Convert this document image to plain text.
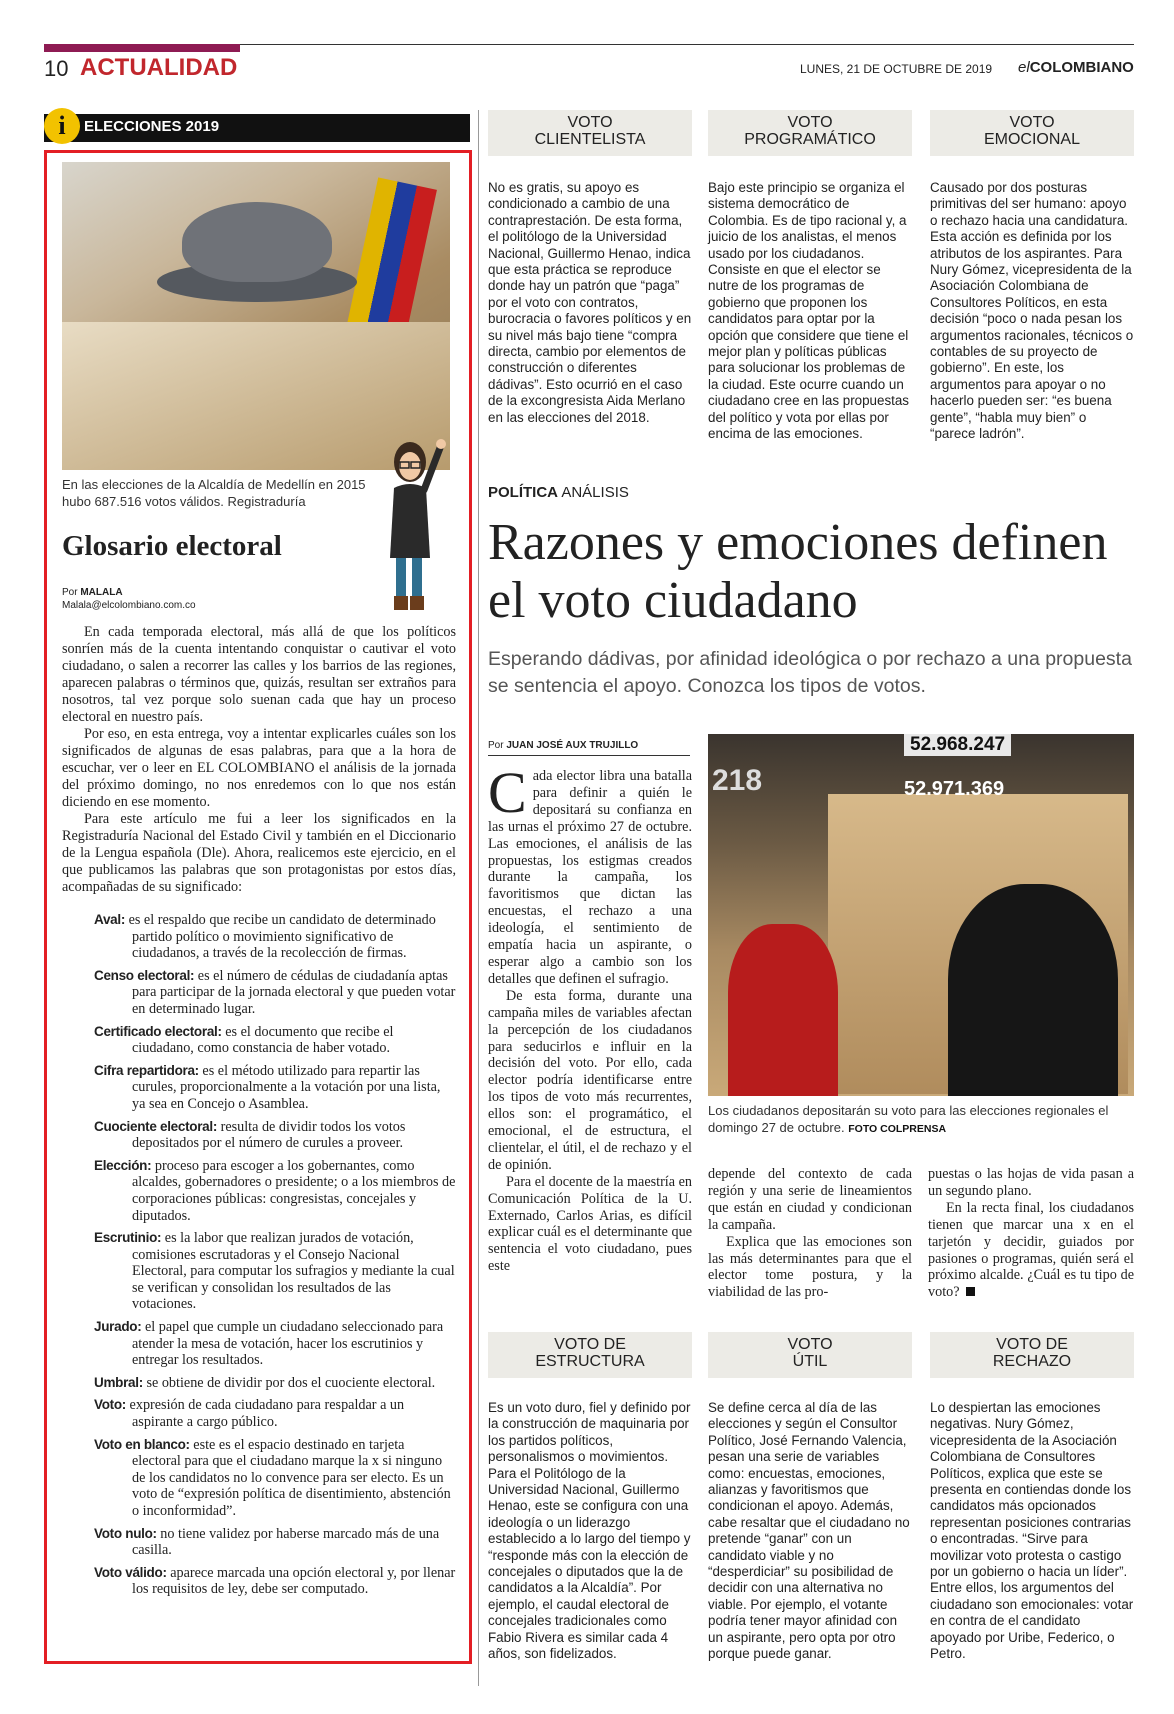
10 ACTUALIDAD	LUNES, 21 DE OCTUBRE DE 2019 elCOLOMBIANO
i	ELECCIONES 2019
En las elecciones de la Alcaldía de Medellín en 2015 hubo 687.516 votos válidos. Registraduría
Glosario electoral
Por MALALA
Malala@elcolombiano.com.co

En cada temporada electoral, más allá de que los políticos sonríen más de la cuenta intentando conquistar o cautivar el voto ciudadano, o salen a recorrer las calles y los barrios de las regiones, aparecen palabras o términos que, quizás, resultan ser extraños para nosotros, tal vez porque solo suenan cada que hay un proceso electoral en nuestro país.

Por eso, en esta entrega, voy a intentar explicarles cuáles son los significados de algunas de esas palabras, para que a la hora de escuchar, ver o leer en EL COLOMBIANO el análisis de la jornada del próximo domingo, no nos enredemos con lo que nos están diciendo en ese momento.

Para este artículo me fui a leer los significados en la Registraduría Nacional del Estado Civil y también en el Diccionario de la Lengua española (Dle). Ahora, realicemos este ejercicio, en el que publicamos las palabras que son protagonistas por estos días, acompañadas de su significado:

Aval: es el respaldo que recibe un candidato de determinado partido político o movimiento significativo de ciudadanos, a través de la recolección de firmas.

Censo electoral: es el número de cédulas de ciudadanía aptas para participar de la jornada electoral y que pueden votar en determinado lugar.

Certificado electoral: es el documento que recibe el ciudadano, como constancia de haber votado.

Cifra repartidora: es el método utilizado para repartir las curules, proporcionalmente a la votación por una lista, ya sea en Concejo o Asamblea.

Cuociente electoral: resulta de dividir todos los votos depositados por el número de curules a proveer.

Elección: proceso para escoger a los gobernantes, como alcaldes, gobernadores o presidente; o a los miembros de corporaciones públicas: congresistas, concejales y diputados.

Escrutinio: es la labor que realizan jurados de votación, comisiones escrutadoras y el Consejo Nacional Electoral, para computar los sufragios y mediante la cual se verifican y consolidan los resultados de las votaciones.

Jurado: el papel que cumple un ciudadano seleccionado para atender la mesa de votación, hacer los escrutinios y entregar los resultados.

Umbral: se obtiene de dividir por dos el cuociente electoral.

Voto: expresión de cada ciudadano para respaldar a un aspirante a cargo público.

Voto en blanco: este es el espacio destinado en tarjeta electoral para que el ciudadano marque la x si ninguno de los candidatos no lo convence para ser electo. Es un voto de “expresión política de disentimiento, abstención o inconformidad”.

Voto nulo: no tiene validez por haberse marcado más de una casilla.

Voto válido: aparece marcada una opción electoral y, por llenar los requisitos de ley, debe ser computado.

VOTO
CLIENTELISTA
VOTO
PROGRAMÁTICO
VOTO
EMOCIONAL
No es gratis, su apoyo es condicionado a cambio de una contraprestación. De esta forma, el politólogo de la Universidad Nacional, Guillermo Henao, indica que esta práctica se reproduce donde hay un patrón que “paga” por el voto con contratos, burocracia o favores políticos y en su nivel más bajo tiene “compra directa, cambio por elementos de construcción o diferentes dádivas”. Esto ocurrió en el caso de la excongresista Aida Merlano en las elecciones del 2018.
Bajo este principio se organiza el sistema democrático de Colombia. Es de tipo racional y, a juicio de los analistas, el menos usado por los ciudadanos. Consiste en que el elector se nutre de los programas de gobierno que proponen los candidatos para optar por la opción que considere que tiene el mejor plan y políticas públicas para solucionar los problemas de la ciudad. Este ocurre cuando un ciudadano cree en las propuestas del político y vota por ellas por encima de las emociones.
Causado por dos posturas primitivas del ser humano: apoyo o rechazo hacia una candidatura. Esta acción es definida por los atributos de los aspirantes. Para Nury Gómez, vicepresidenta de la Asociación Colombiana de Consultores Políticos, en esta decisión “poco o nada pesan los argumentos racionales, técnicos o contables de su proyecto de gobierno”. En este, los argumentos para apoyar o no hacerlo pueden ser: “es buena gente”, “habla muy bien” o “parece ladrón”.
POLÍTICA ANÁLISIS
Razones y emociones definen el voto ciudadano
Esperando dádivas, por afinidad ideológica o por rechazo a una propuesta se sentencia el apoyo. Conozca los tipos de votos.
Por JUAN JOSÉ AUX TRUJILLO

Cada elector libra una batalla para definir a quién le depositará su confianza en las urnas el próximo 27 de octubre. Las emociones, el análisis de las propuestas, los estigmas creados durante la campaña, los favoritismos que dictan las encuestas, el rechazo a una ideología, el sentimiento de empatía hacia un aspirante, o esperar algo a cambio son los detalles que definen el sufragio.

De esta forma, durante una campaña miles de variables afectan la percepción de los ciudadanos para seducirlos e influir en la decisión del voto. Por ello, cada elector podría identificarse entre los tipos de voto más recurrentes, ellos son: el programático, el emocional, el de estructura, el clientelar, el útil, el de rechazo y el de opinión.

Para el docente de la maestría en Comunicación Política de la U. Externado, Carlos Arias, es difícil explicar cuál es el determinante que sentencia el voto ciudadano, pues este

218
52.968.247
52.971.369
Los ciudadanos depositarán su voto para las elecciones regionales el domingo 27 de octubre. FOTO COLPRENSA

depende del contexto de cada región y una serie de lineamientos que están en ciudad y condicionan la campaña.

Explica que las emociones son las más determinantes para que el elector tome postura, y la viabilidad de las pro-

puestas o las hojas de vida pasan a un segundo plano.

En la recta final, los ciudadanos tienen que marcar una x en el tarjetón y decidir, guiados por pasiones o programas, quién será el próximo alcalde. ¿Cuál es tu tipo de voto?

VOTO DE
ESTRUCTURA
VOTO
ÚTIL
VOTO DE
RECHAZO
Es un voto duro, fiel y definido por la construcción de maquinaria por los partidos políticos, personalismos o movimientos. Para el Politólogo de la Universidad Nacional, Guillermo Henao, este se configura con una ideología o un liderazgo establecido a lo largo del tiempo y “responde más con la elección de concejales o diputados que la de candidatos a la Alcaldía”. Por ejemplo, el caudal electoral de concejales tradicionales como Fabio Rivera es similar cada 4 años, son fidelizados.
Se define cerca al día de las elecciones y según el Consultor Político, José Fernando Valencia, pesan una serie de variables como: encuestas, emociones, alianzas y favoritismos que condicionan el apoyo. Además, cabe resaltar que el ciudadano no pretende “ganar” con un candidato viable y no “desperdiciar” su posibilidad de decidir con una alternativa no viable. Por ejemplo, el votante podría tener mayor afinidad con un aspirante, pero opta por otro porque puede ganar.
Lo despiertan las emociones negativas. Nury Gómez, vicepresidenta de la Asociación Colombiana de Consultores Políticos, explica que este se presenta en contiendas donde los candidatos más opcionados representan posiciones contrarias o encontradas. “Sirve para movilizar voto protesta o castigo por un gobierno o hacia un líder”. Entre ellos, los argumentos del ciudadano son emocionales: votar en contra de el candidato apoyado por Uribe, Federico, o Petro.
